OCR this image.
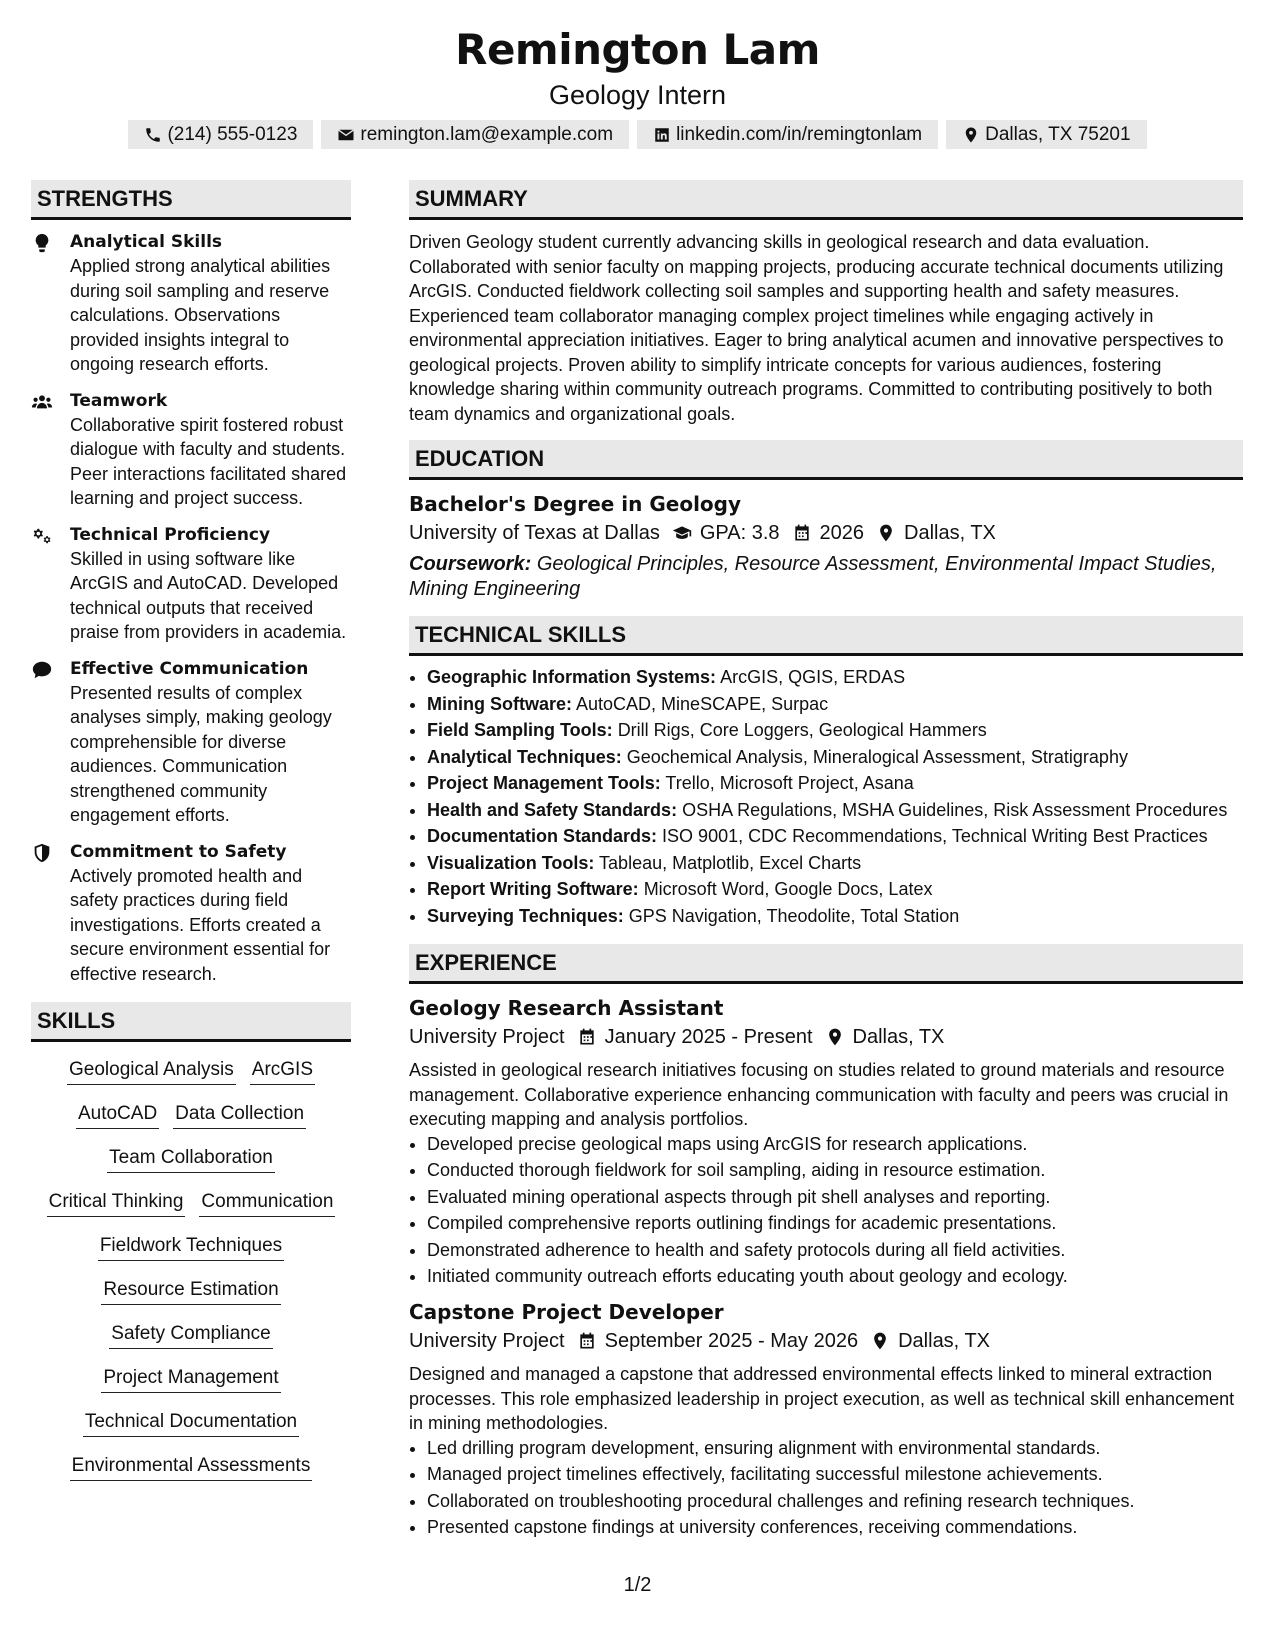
Remington Lam
Geology Intern
(214) 555-0123	remington.lam@example.com	linkedin.com/in/remingtonlam	Dallas, TX 75201
STRENGTHS
Analytical Skills
Applied strong analytical abilities during soil sampling and reserve calculations. Observations provided insights integral to ongoing research efforts.
Teamwork
Collaborative spirit fostered robust dialogue with faculty and students. Peer interactions facilitated shared learning and project success.
Technical Proficiency
Skilled in using software like ArcGIS and AutoCAD. Developed technical outputs that received praise from providers in academia.
Effective Communication
Presented results of complex analyses simply, making geology comprehensible for diverse audiences. Communication strengthened community engagement efforts.
Commitment to Safety
Actively promoted health and safety practices during field investigations. Efforts created a secure environment essential for effective research.
SKILLS
Geological Analysis ArcGIS
AutoCAD Data Collection
Team Collaboration
Critical Thinking Communication
Fieldwork Techniques
Resource Estimation
Safety Compliance
Project Management
Technical Documentation
Environmental Assessments
SUMMARY
Driven Geology student currently advancing skills in geological research and data evaluation. Collaborated with senior faculty on mapping projects, producing accurate technical documents utilizing ArcGIS. Conducted fieldwork collecting soil samples and supporting health and safety measures. Experienced team collaborator managing complex project timelines while engaging actively in environmental appreciation initiatives. Eager to bring analytical acumen and innovative perspectives to geological projects. Proven ability to simplify intricate concepts for various audiences, fostering knowledge sharing within community outreach programs. Committed to contributing positively to both team dynamics and organizational goals.
EDUCATION
Bachelor's Degree in Geology
University of Texas at Dallas GPA: 3.8 2026 Dallas, TX
Coursework: Geological Principles, Resource Assessment, Environmental Impact Studies, Mining Engineering
TECHNICAL SKILLS
• Geographic Information Systems: ArcGIS, QGIS, ERDAS
• Mining Software: AutoCAD, MineSCAPE, Surpac
• Field Sampling Tools: Drill Rigs, Core Loggers, Geological Hammers
• Analytical Techniques: Geochemical Analysis, Mineralogical Assessment, Stratigraphy
• Project Management Tools: Trello, Microsoft Project, Asana
• Health and Safety Standards: OSHA Regulations, MSHA Guidelines, Risk Assessment Procedures
• Documentation Standards: ISO 9001, CDC Recommendations, Technical Writing Best Practices
• Visualization Tools: Tableau, Matplotlib, Excel Charts
• Report Writing Software: Microsoft Word, Google Docs, Latex
• Surveying Techniques: GPS Navigation, Theodolite, Total Station
EXPERIENCE
Geology Research Assistant
University Project January 2025 - Present Dallas, TX
Assisted in geological research initiatives focusing on studies related to ground materials and resource management. Collaborative experience enhancing communication with faculty and peers was crucial in executing mapping and analysis portfolios.
• Developed precise geological maps using ArcGIS for research applications.
• Conducted thorough fieldwork for soil sampling, aiding in resource estimation.
• Evaluated mining operational aspects through pit shell analyses and reporting.
• Compiled comprehensive reports outlining findings for academic presentations.
• Demonstrated adherence to health and safety protocols during all field activities.
• Initiated community outreach efforts educating youth about geology and ecology.
Capstone Project Developer
University Project September 2025 - May 2026 Dallas, TX
Designed and managed a capstone that addressed environmental effects linked to mineral extraction processes. This role emphasized leadership in project execution, as well as technical skill enhancement in mining methodologies.
• Led drilling program development, ensuring alignment with environmental standards.
• Managed project timelines effectively, facilitating successful milestone achievements.
• Collaborated on troubleshooting procedural challenges and refining research techniques.
• Presented capstone findings at university conferences, receiving commendations.
1/2
